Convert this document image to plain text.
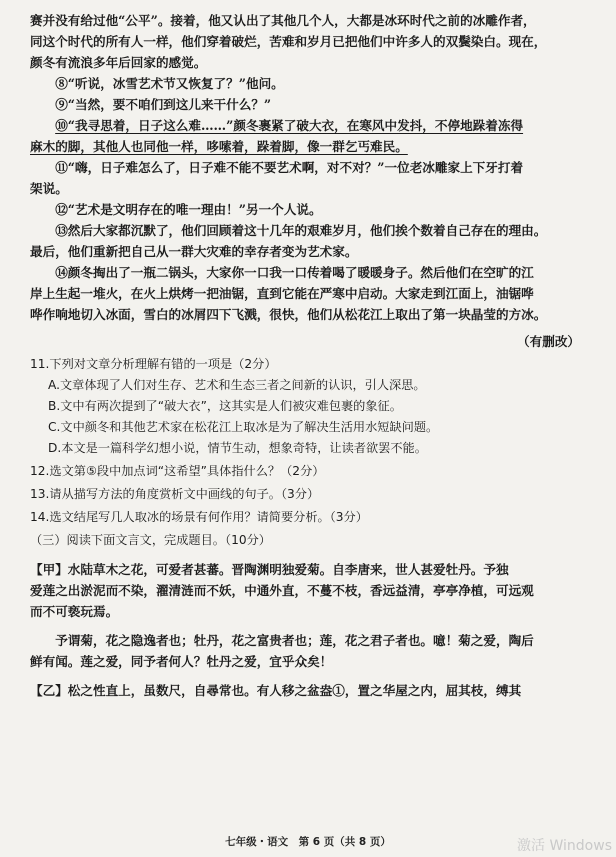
赛并没有给过他“公平”。接着，他又认出了其他几个人，大都是冰环时代之前的冰雕作者，
同这个时代的所有人一样，他们穿着破烂，苦难和岁月已把他们中许多人的双鬓染白。现在，
颜冬有流浪多年后回家的感觉。
⑧“听说，冰雪艺术节又恢复了？”他问。
⑨“当然，要不咱们到这儿来干什么？”
⑩“我寻思着，日子这么难……”颜冬裹紧了破大衣，在寒风中发抖，不停地跺着冻得
麻木的脚，其他人也同他一样，哆嗦着，跺着脚，像一群乞丐难民。
⑪“嗨，日子难怎么了，日子难不能不要艺术啊，对不对？”一位老冰雕家上下牙打着
架说。
⑫“艺术是文明存在的唯一理由！”另一个人说。
⑬然后大家都沉默了，他们回顾着这十几年的艰难岁月，他们挨个数着自己存在的理由。
最后，他们重新把自己从一群大灾难的幸存者变为艺术家。
⑭颜冬掏出了一瓶二锅头，大家你一口我一口传着喝了暖暖身子。然后他们在空旷的江
岸上生起一堆火，在火上烘烤一把油锯，直到它能在严寒中启动。大家走到江面上，油锯哗
哗作响地切入冰面，雪白的冰屑四下飞溅，很快，他们从松花江上取出了第一块晶莹的方冰。
（有删改）
11.下列对文章分析理解有错的一项是（2分）
A.文章体现了人们对生存、艺术和生态三者之间新的认识，引人深思。
B.文中有两次提到了“破大衣”，这其实是人们被灾难包裹的象征。
C.文中颜冬和其他艺术家在松花江上取冰是为了解决生活用水短缺问题。
D.本文是一篇科学幻想小说，情节生动，想象奇特，让读者欲罢不能。
12.选文第⑤段中加点词“这希望”具体指什么？（2分）
13.请从描写方法的角度赏析文中画线的句子。（3分）
14.选文结尾写几人取冰的场景有何作用？请简要分析。（3分）
（三）阅读下面文言文，完成题目。（10分）
【甲】水陆草木之花，可爱者甚蕃。晋陶渊明独爱菊。自李唐来，世人甚爱牡丹。予独
爱莲之出淤泥而不染，濯清涟而不妖，中通外直，不蔓不枝，香远益清，亭亭净植，可远观
而不可亵玩焉。
予谓菊，花之隐逸者也；牡丹，花之富贵者也；莲，花之君子者也。噫！菊之爱，陶后
鲜有闻。莲之爱，同予者何人？牡丹之爱，宜乎众矣！
【乙】松之性直上，虽数尺，自尋常也。有人移之盆盎①，置之华屋之内，屈其枝，缚其
七年级・语文　第 6 页（共 8 页）	激活 Windows
